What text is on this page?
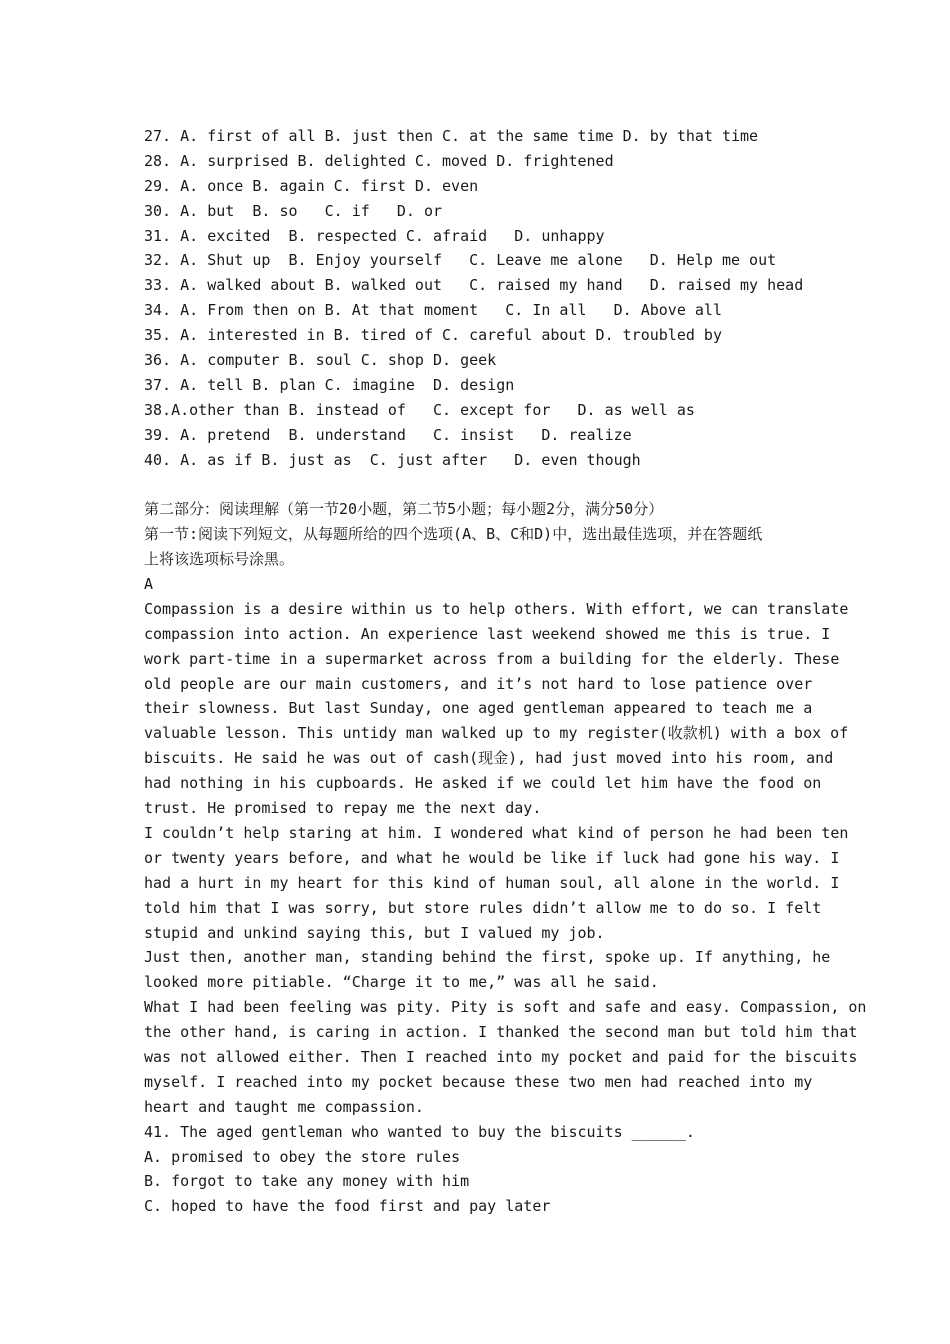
27. A. first of all B. just then C. at the same time D. by that time
28. A. surprised B. delighted C. moved D. frightened
29. A. once B. again C. first D. even
30. A. but  B. so   C. if   D. or
31. A. excited  B. respected C. afraid   D. unhappy
32. A. Shut up  B. Enjoy yourself   C. Leave me alone   D. Help me out
33. A. walked about B. walked out   C. raised my hand   D. raised my head
34. A. From then on B. At that moment   C. In all   D. Above all
35. A. interested in B. tired of C. careful about D. troubled by
36. A. computer B. soul C. shop D. geek
37. A. tell B. plan C. imagine  D. design
38.A.other than B. instead of   C. except for   D. as well as
39. A. pretend  B. understand   C. insist   D. realize
40. A. as if B. just as  C. just after   D. even though
第二部分：阅读理解（第一节20小题，第二节5小题；每小题2分，满分50分）
第一节:阅读下列短文，从每题所给的四个选项(A、B、C和D)中，选出最佳选项，并在答题纸
上将该选项标号涂黑。
A
Compassion is a desire within us to help others. With effort, we can translate
compassion into action. An experience last weekend showed me this is true. I
work part-time in a supermarket across from a building for the elderly. These
old people are our main customers, and it’s not hard to lose patience over
their slowness. But last Sunday, one aged gentleman appeared to teach me a
valuable lesson. This untidy man walked up to my register(收款机) with a box of
biscuits. He said he was out of cash(现金), had just moved into his room, and
had nothing in his cupboards. He asked if we could let him have the food on
trust. He promised to repay me the next day.
I couldn’t help staring at him. I wondered what kind of person he had been ten
or twenty years before, and what he would be like if luck had gone his way. I
had a hurt in my heart for this kind of human soul, all alone in the world. I
told him that I was sorry, but store rules didn’t allow me to do so. I felt
stupid and unkind saying this, but I valued my job.
Just then, another man, standing behind the first, spoke up. If anything, he
looked more pitiable. “Charge it to me,” was all he said.
What I had been feeling was pity. Pity is soft and safe and easy. Compassion, on
the other hand, is caring in action. I thanked the second man but told him that
was not allowed either. Then I reached into my pocket and paid for the biscuits
myself. I reached into my pocket because these two men had reached into my
heart and taught me compassion.
41. The aged gentleman who wanted to buy the biscuits ______.
A. promised to obey the store rules
B. forgot to take any money with him
C. hoped to have the food first and pay later
